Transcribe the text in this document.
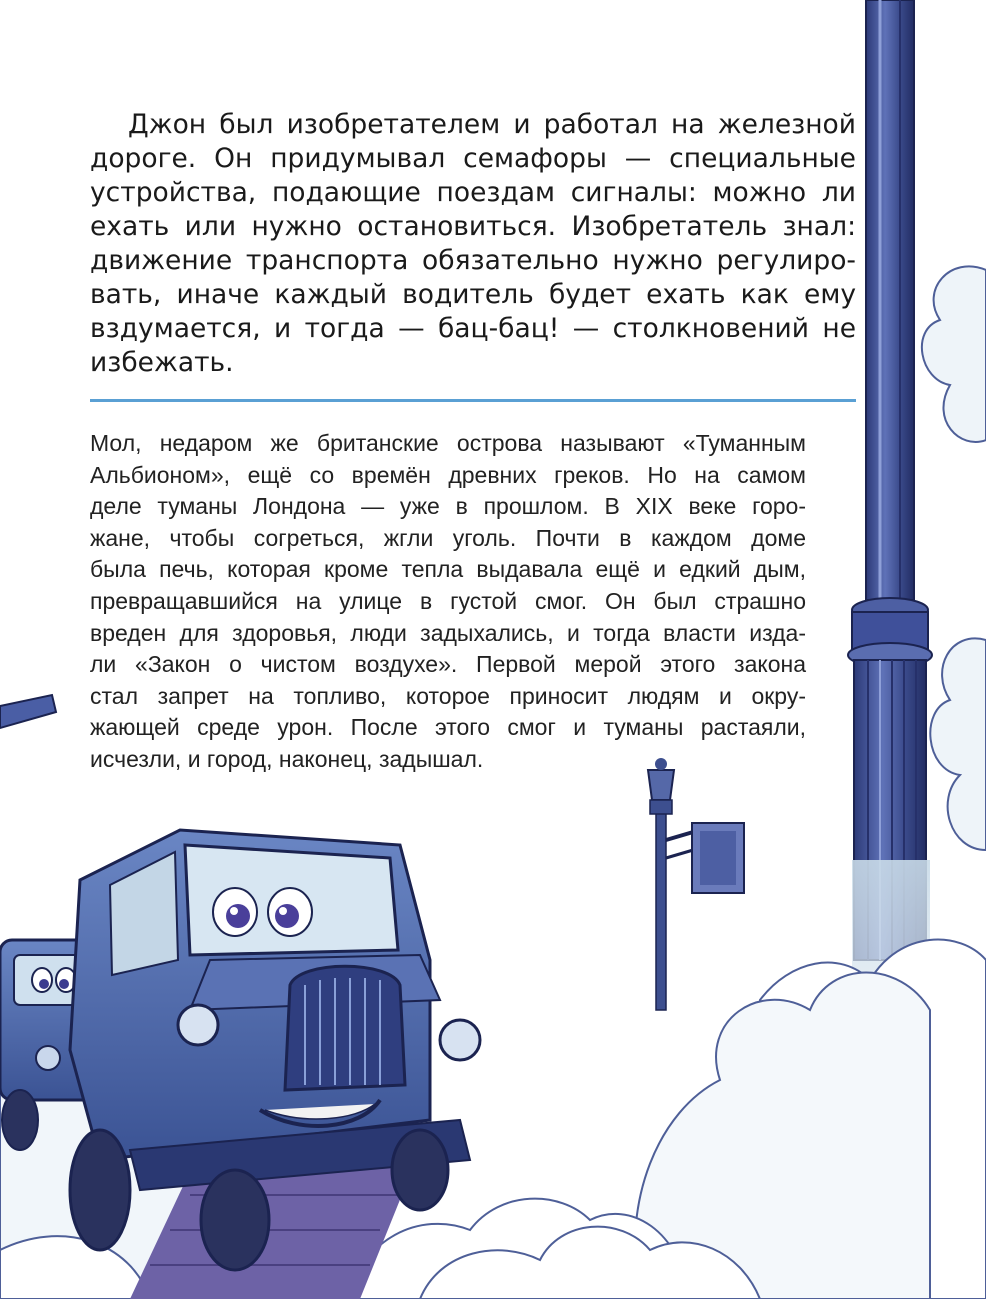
Джон был изобретателем и работал на железной
дороге. Он придумывал семафоры — специальные
устройства, подающие поездам сигналы: можно ли
ехать или нужно остановиться. Изобретатель знал:
движение транспорта обязательно нужно регулиро-
вать, иначе каждый водитель будет ехать как ему
вздумается, и тогда — бац-бац! — столкновений не
избежать.
Мол, недаром же британские острова называют «Туманным
Альбионом», ещё со времён древних греков. Но на самом
деле туманы Лондона — уже в прошлом. В XIX веке горо-
жане, чтобы согреться, жгли уголь. Почти в каждом доме
была печь, которая кроме тепла выдавала ещё и едкий дым,
превращавшийся на улице в густой смог. Он был страшно
вреден для здоровья, люди задыхались, и тогда власти изда-
ли «Закон о чистом воздухе». Первой мерой этого закона
стал запрет на топливо, которое приносит людям и окру-
жающей среде урон. После этого смог и туманы растаяли,
исчезли, и город, наконец, задышал.
